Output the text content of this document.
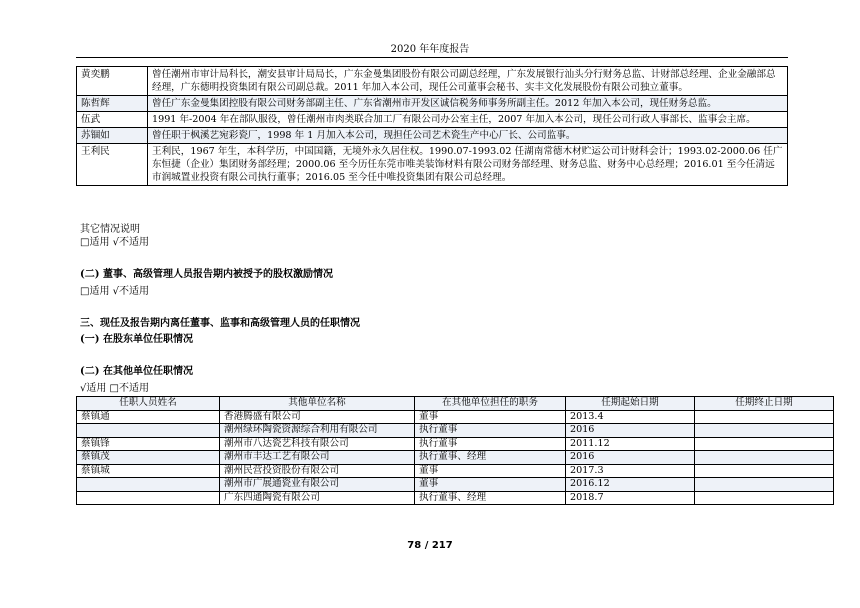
2020 年年度报告
黄奕鹏	曾任潮州市审计局科长，潮安县审计局局长，广东金曼集团股份有限公司副总经理，广东发展银行汕头分行财务总监、计财部总经理、企业金融部总经理，广东德明投资集团有限公司副总裁。2011 年加入本公司，现任公司董事会秘书、实丰文化发展股份有限公司独立董事。
陈哲辉	曾任广东金曼集团控股有限公司财务部副主任、广东省潮州市开发区诚信税务师事务所副主任。2012 年加入本公司，现任财务总监。
伍武	1991 年-2004 年在部队服役，曾任潮州市肉类联合加工厂有限公司办公室主任，2007 年加入本公司，现任公司行政人事部长、监事会主席。
苏锢如	曾任职于枫溪艺宛彩瓷厂，1998 年 1 月加入本公司，现担任公司艺术瓷生产中心厂长、公司监事。
王利民	王利民，1967 年生，本科学历，中国国籍，无境外永久居住权。1990.07-1993.02 任湖南常德木材贮运公司计财科会计；1993.02-2000.06 任广东恒捷（企业）集团财务部经理；2000.06 至今历任东莞市唯美装饰材料有限公司财务部经理、财务总监、财务中心总经理；2016.01 至今任清远市润城置业投资有限公司执行董事；2016.05 至今任中唯投资集团有限公司总经理。
其它情况说明
□适用 √不适用
(二) 董事、高级管理人员报告期内被授予的股权激励情况
□适用 √不适用
三、现任及报告期内离任董事、监事和高级管理人员的任职情况
(一) 在股东单位任职情况
(二) 在其他单位任职情况
√适用 □不适用
任职人员姓名	其他单位名称	在其他单位担任的职务	任期起始日期	任期终止日期
蔡镇通	香港腾盛有限公司	董事	2013.4	
	潮州绿环陶瓷资源综合利用有限公司	执行董事	2016	
蔡镇锋	潮州市八达瓷艺科技有限公司	执行董事	2011.12	
蔡镇茂	潮州市丰达工艺有限公司	执行董事、经理	2016	
蔡镇城	潮州民营投资股份有限公司	董事	2017.3	
	潮州市广展通瓷业有限公司	董事	2016.12	
	广东四通陶瓷有限公司	执行董事、经理	2018.7	
78 / 217
